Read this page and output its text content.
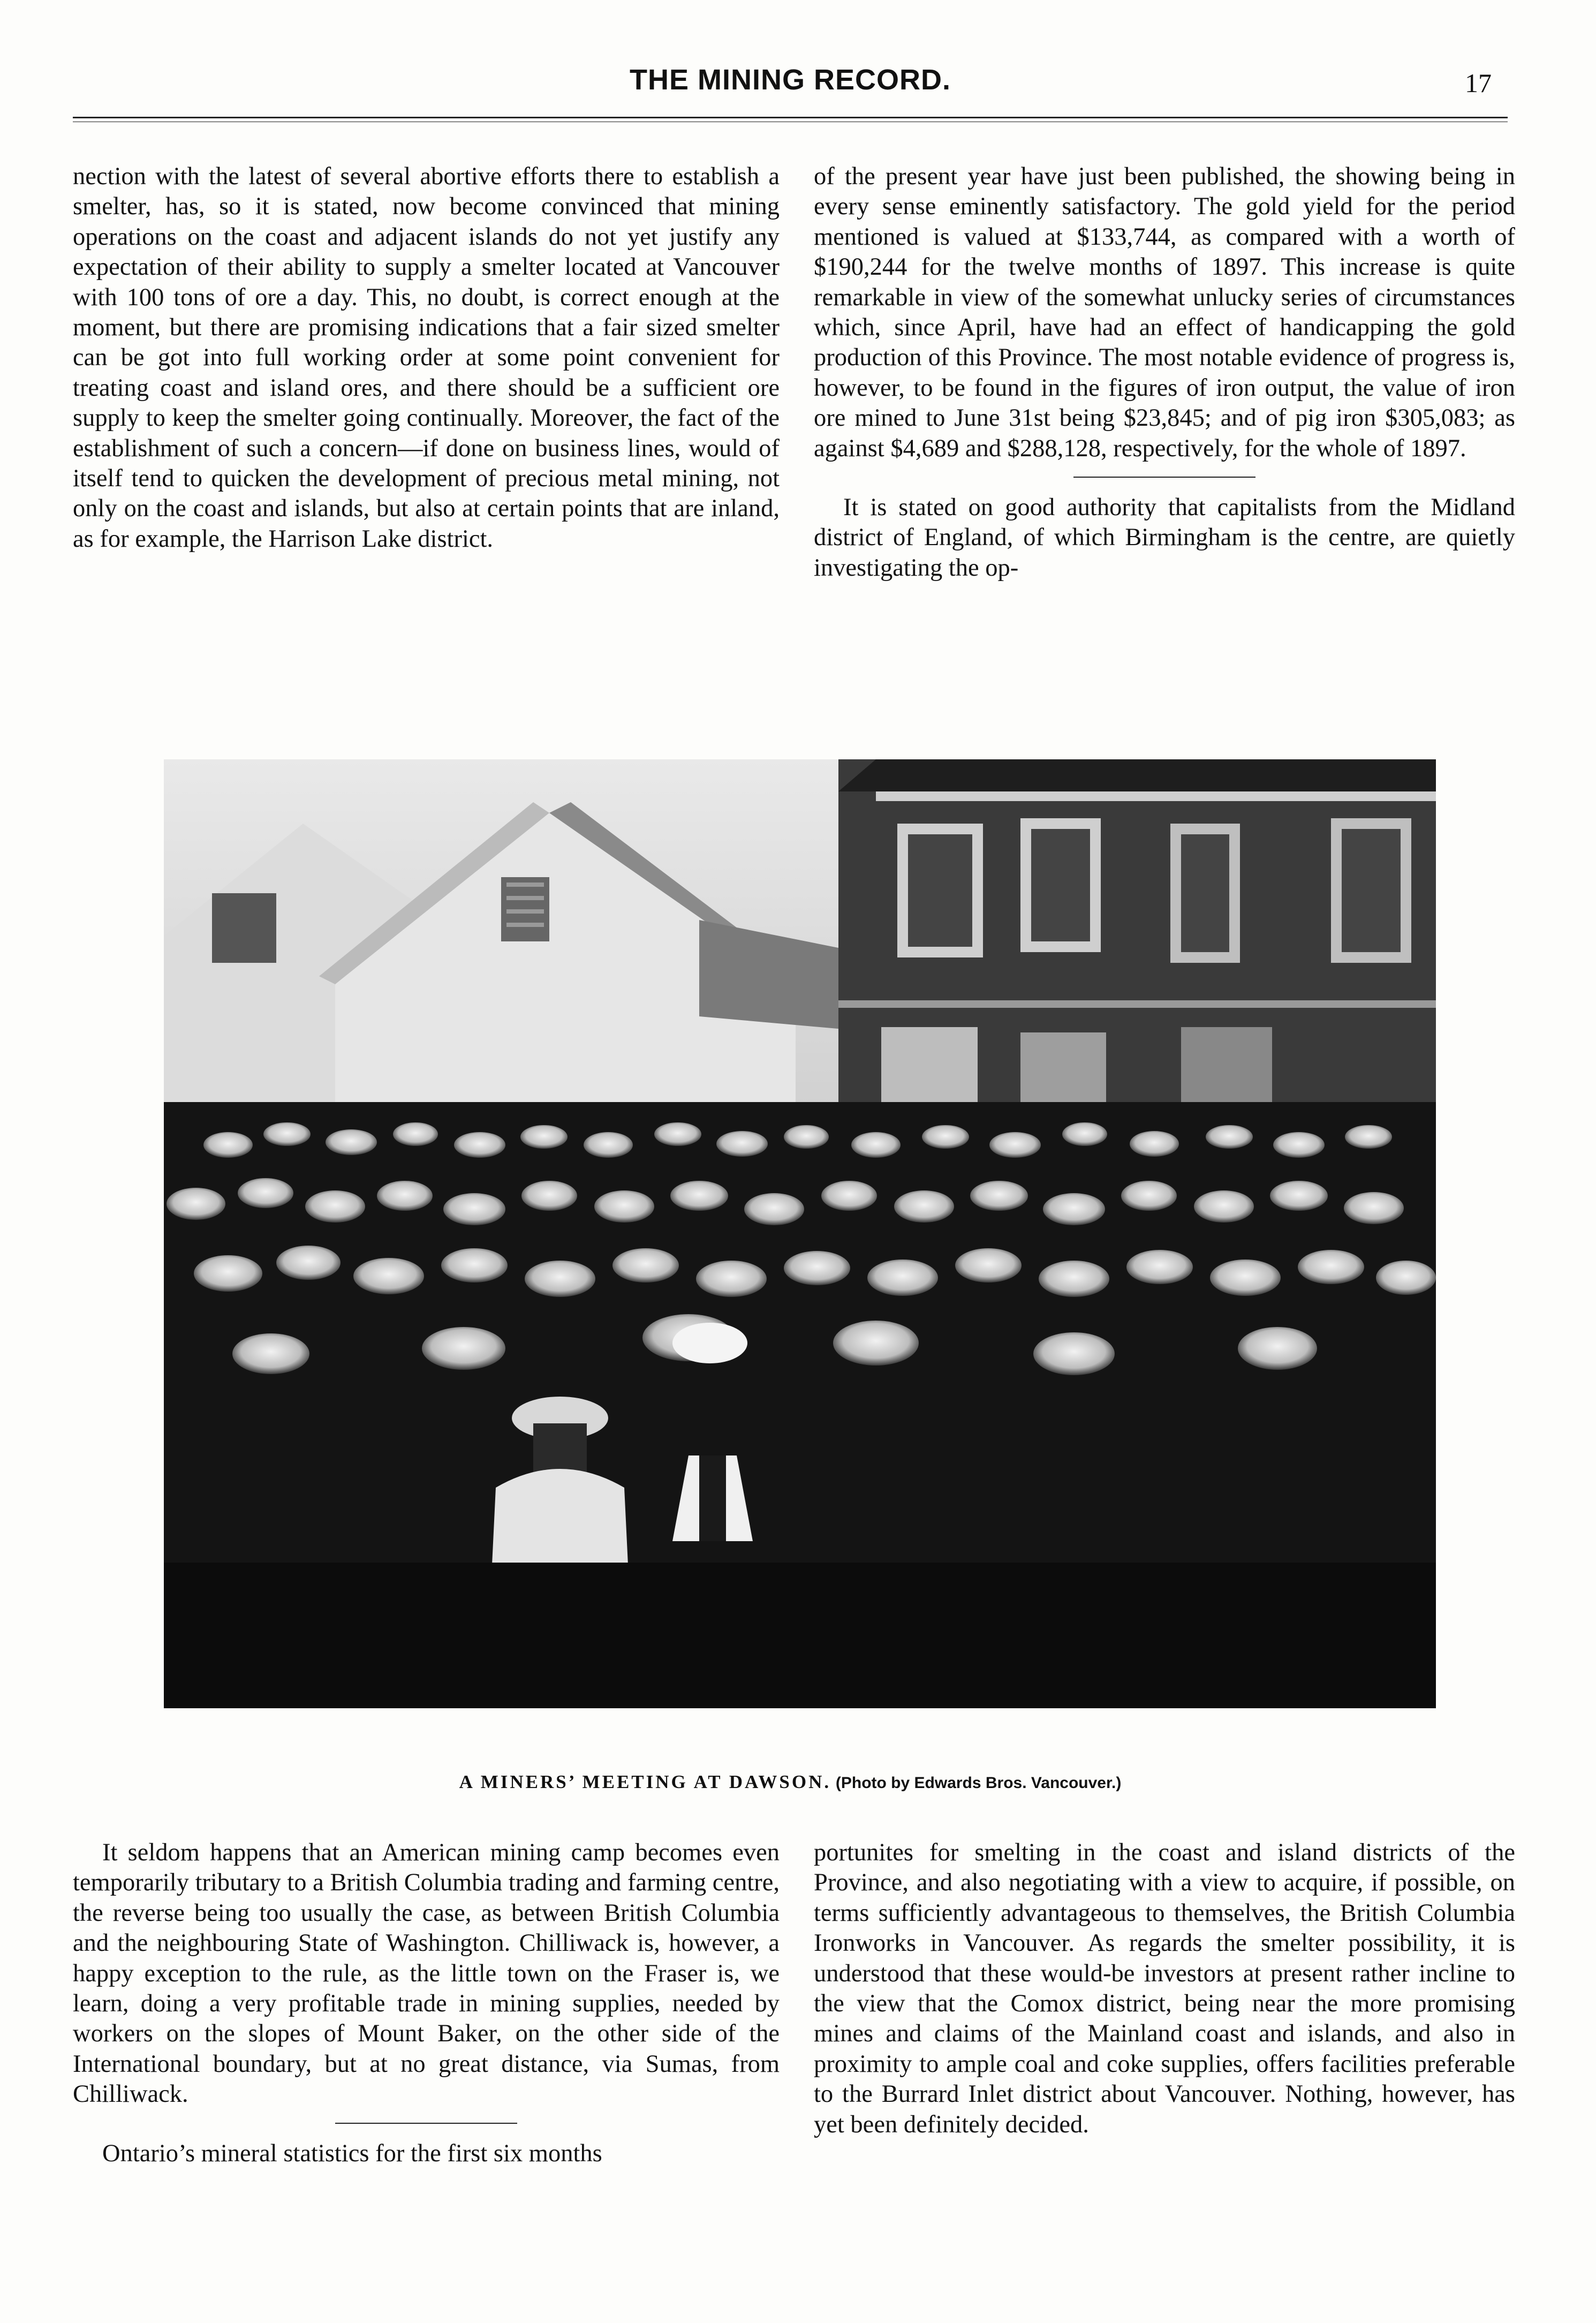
THE MINING RECORD.	17

nection with the latest of several abortive efforts there to establish a smelter, has, so it is stated, now become convinced that mining operations on the coast and adjacent islands do not yet justify any expectation of their ability to supply a smelter located at Vancouver with 100 tons of ore a day. This, no doubt, is correct enough at the moment, but there are promising indications that a fair sized smelter can be got into full working order at some point convenient for treating coast and island ores, and there should be a sufficient ore supply to keep the smelter going continually. Moreover, the fact of the establishment of such a concern—if done on business lines, would of itself tend to quicken the development of precious metal mining, not only on the coast and islands, but also at certain points that are inland, as for example, the Harrison Lake district.

of the present year have just been published, the showing being in every sense eminently satisfactory. The gold yield for the period mentioned is valued at $133,744, as compared with a worth of $190,244 for the twelve months of 1897. This increase is quite remarkable in view of the somewhat unlucky series of circumstances which, since April, have had an effect of handicapping the gold production of this Province. The most notable evidence of progress is, however, to be found in the figures of iron output, the value of iron ore mined to June 31st being $23,845; and of pig iron $305,083; as against $4,689 and $288,128, respectively, for the whole of 1897.

It is stated on good authority that capitalists from the Midland district of England, of which Birmingham is the centre, are quietly investigating the op-

A MINERS’ MEETING AT DAWSON. (Photo by Edwards Bros. Vancouver.)

It seldom happens that an American mining camp becomes even temporarily tributary to a British Columbia trading and farming centre, the reverse being too usually the case, as between British Columbia and the neighbouring State of Washington. Chilliwack is, however, a happy exception to the rule, as the little town on the Fraser is, we learn, doing a very profitable trade in mining supplies, needed by workers on the slopes of Mount Baker, on the other side of the International boundary, but at no great distance, via Sumas, from Chilliwack.

Ontario’s mineral statistics for the first six months

portunites for smelting in the coast and island districts of the Province, and also negotiating with a view to acquire, if possible, on terms sufficiently advantageous to themselves, the British Columbia Ironworks in Vancouver. As regards the smelter possibility, it is understood that these would-be investors at present rather incline to the view that the Comox district, being near the more promising mines and claims of the Mainland coast and islands, and also in proximity to ample coal and coke supplies, offers facilities preferable to the Burrard Inlet district about Vancouver. Nothing, however, has yet been definitely decided.
